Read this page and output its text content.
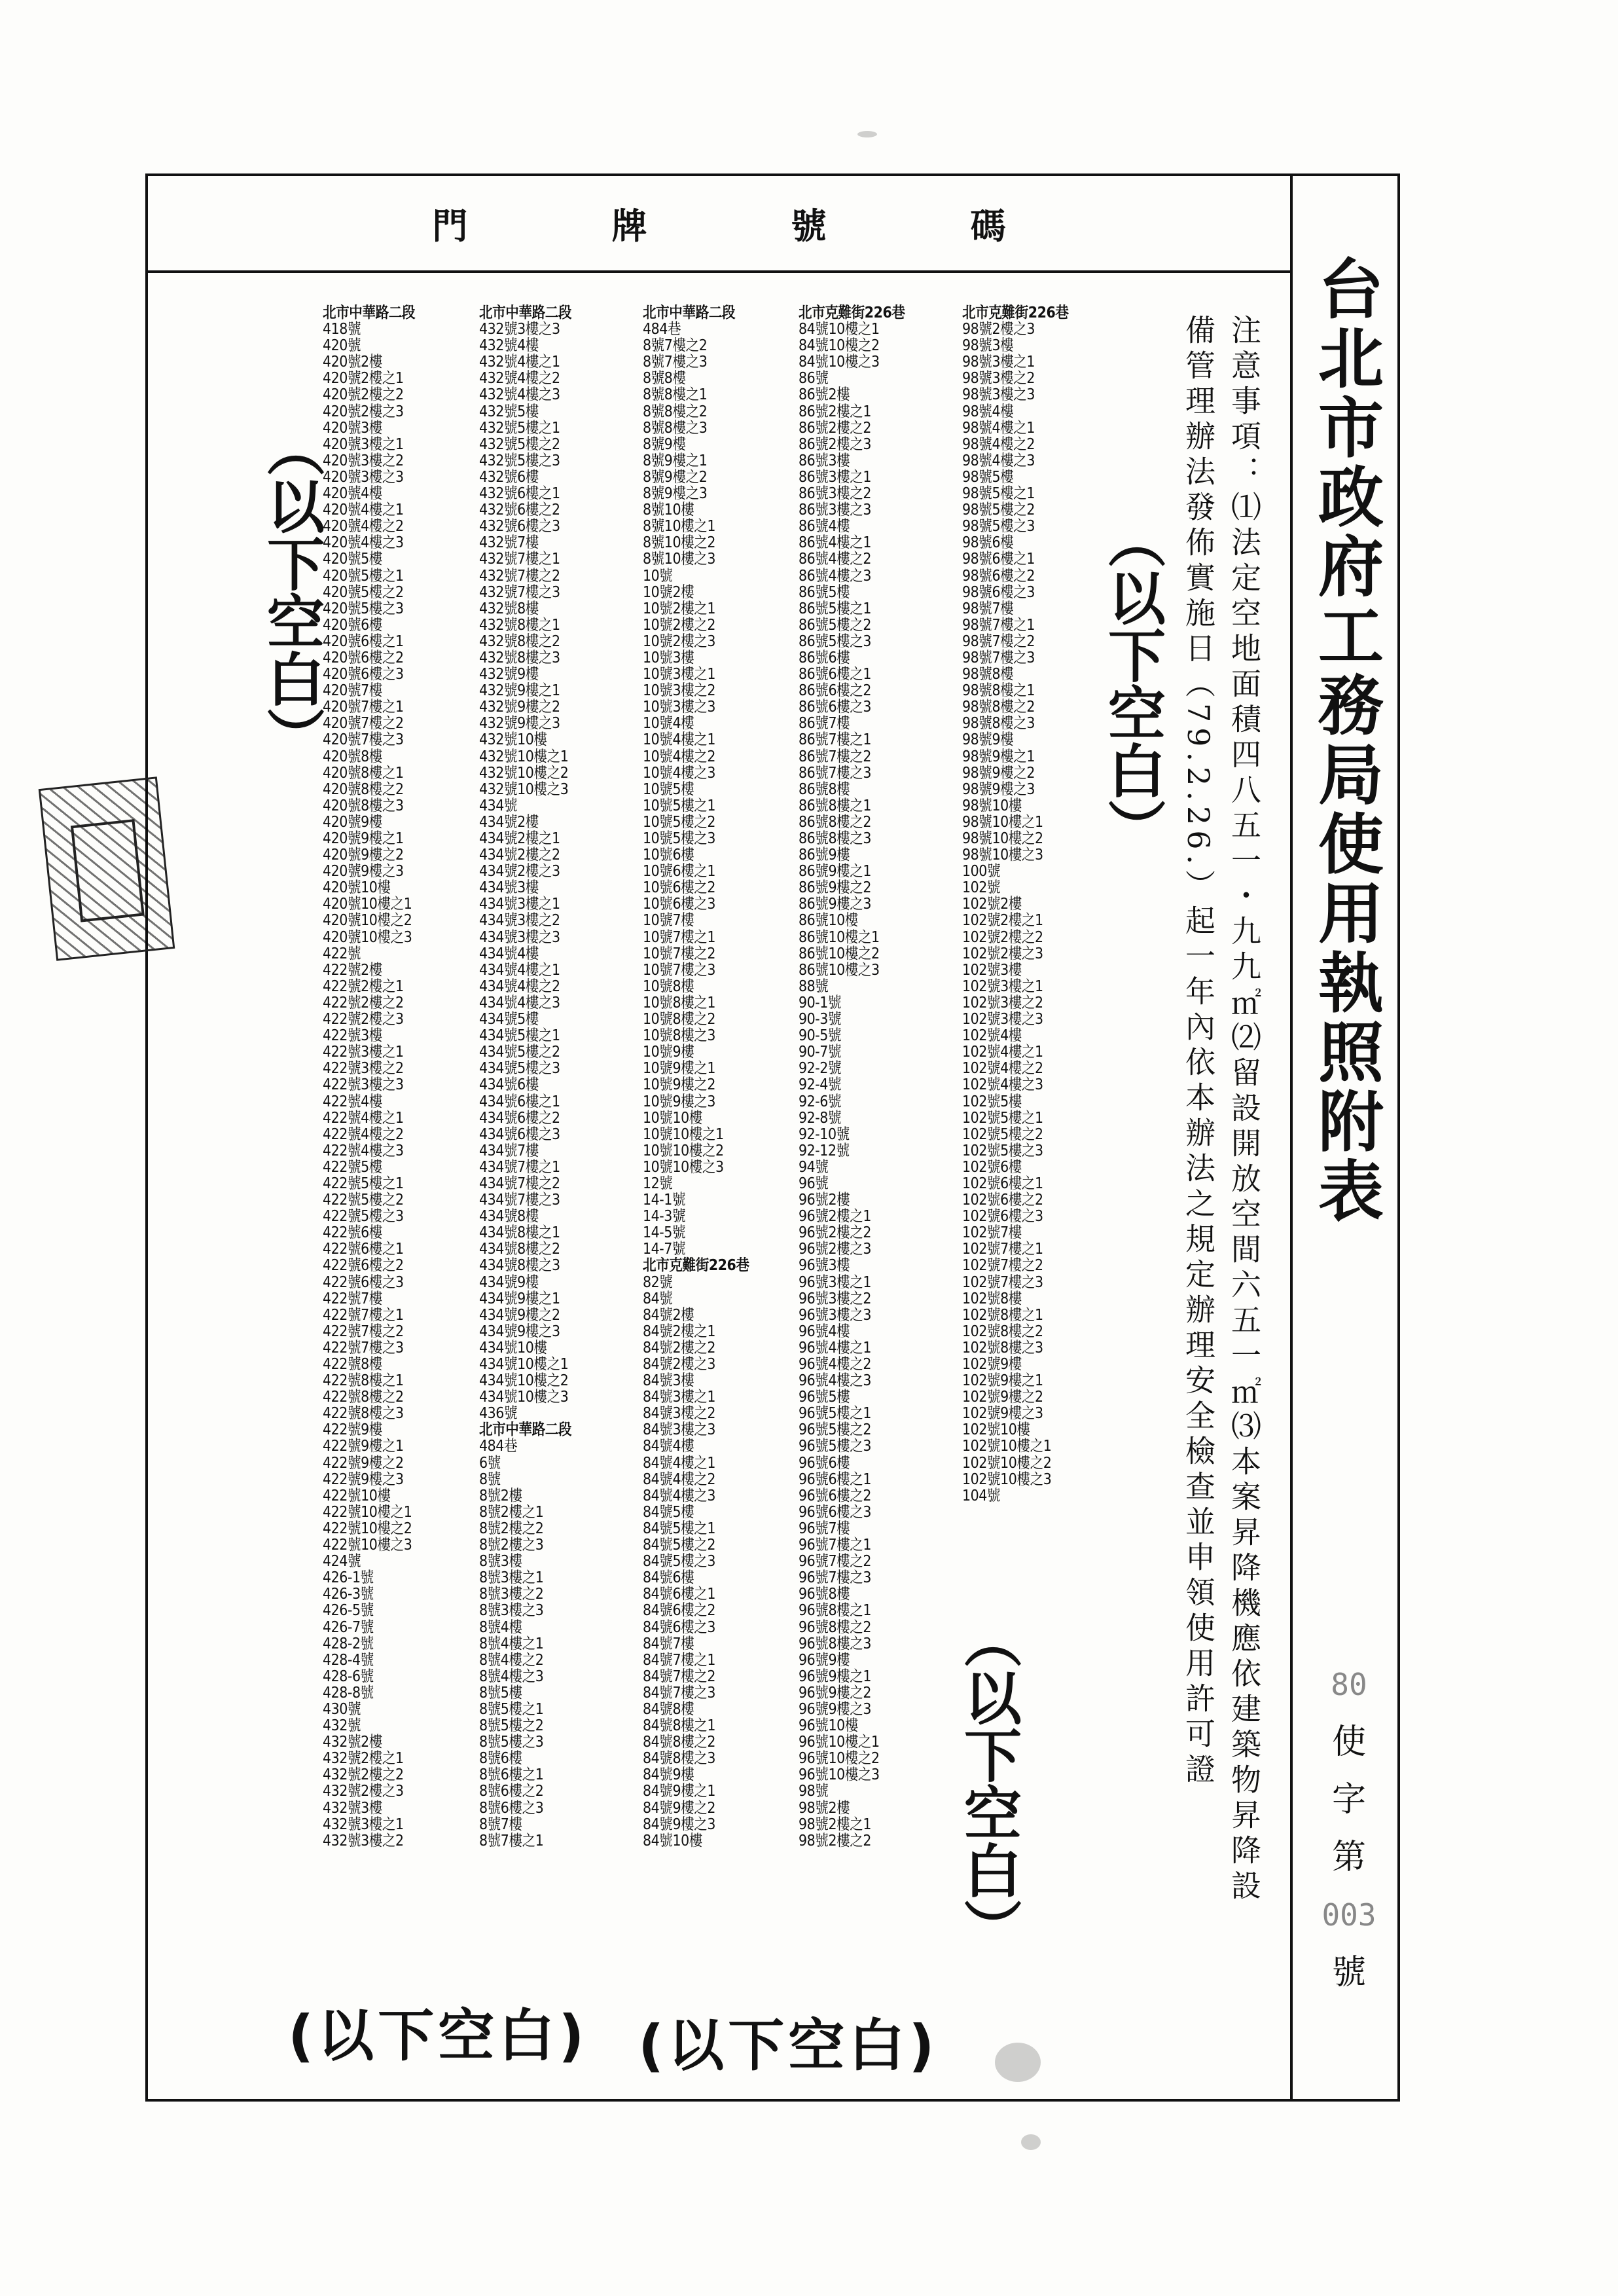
門	牌	號	碼
台北市政府工務局使用執照附表
80
使
字
第
003
號
注意事項：⑴法定空地面積四八五一・九九㎡⑵留設開放空間六五一㎡⑶本案昇降機應依建築物昇降設
備管理辦法發佈實施日（79.2.26.）起一年內依本辦法之規定辦理安全檢查並申領使用許可證
北市中華路二段
418號
420號
420號2樓
420號2樓之1
420號2樓之2
420號2樓之3
420號3樓
420號3樓之1
420號3樓之2
420號3樓之3
420號4樓
420號4樓之1
420號4樓之2
420號4樓之3
420號5樓
420號5樓之1
420號5樓之2
420號5樓之3
420號6樓
420號6樓之1
420號6樓之2
420號6樓之3
420號7樓
420號7樓之1
420號7樓之2
420號7樓之3
420號8樓
420號8樓之1
420號8樓之2
420號8樓之3
420號9樓
420號9樓之1
420號9樓之2
420號9樓之3
420號10樓
420號10樓之1
420號10樓之2
420號10樓之3
422號
422號2樓
422號2樓之1
422號2樓之2
422號2樓之3
422號3樓
422號3樓之1
422號3樓之2
422號3樓之3
422號4樓
422號4樓之1
422號4樓之2
422號4樓之3
422號5樓
422號5樓之1
422號5樓之2
422號5樓之3
422號6樓
422號6樓之1
422號6樓之2
422號6樓之3
422號7樓
422號7樓之1
422號7樓之2
422號7樓之3
422號8樓
422號8樓之1
422號8樓之2
422號8樓之3
422號9樓
422號9樓之1
422號9樓之2
422號9樓之3
422號10樓
422號10樓之1
422號10樓之2
422號10樓之3
424號
426-1號
426-3號
426-5號
426-7號
428-2號
428-4號
428-6號
428-8號
430號
432號
432號2樓
432號2樓之1
432號2樓之2
432號2樓之3
432號3樓
432號3樓之1
432號3樓之2
北市中華路二段
432號3樓之3
432號4樓
432號4樓之1
432號4樓之2
432號4樓之3
432號5樓
432號5樓之1
432號5樓之2
432號5樓之3
432號6樓
432號6樓之1
432號6樓之2
432號6樓之3
432號7樓
432號7樓之1
432號7樓之2
432號7樓之3
432號8樓
432號8樓之1
432號8樓之2
432號8樓之3
432號9樓
432號9樓之1
432號9樓之2
432號9樓之3
432號10樓
432號10樓之1
432號10樓之2
432號10樓之3
434號
434號2樓
434號2樓之1
434號2樓之2
434號2樓之3
434號3樓
434號3樓之1
434號3樓之2
434號3樓之3
434號4樓
434號4樓之1
434號4樓之2
434號4樓之3
434號5樓
434號5樓之1
434號5樓之2
434號5樓之3
434號6樓
434號6樓之1
434號6樓之2
434號6樓之3
434號7樓
434號7樓之1
434號7樓之2
434號7樓之3
434號8樓
434號8樓之1
434號8樓之2
434號8樓之3
434號9樓
434號9樓之1
434號9樓之2
434號9樓之3
434號10樓
434號10樓之1
434號10樓之2
434號10樓之3
436號
北市中華路二段
484巷
6號
8號
8號2樓
8號2樓之1
8號2樓之2
8號2樓之3
8號3樓
8號3樓之1
8號3樓之2
8號3樓之3
8號4樓
8號4樓之1
8號4樓之2
8號4樓之3
8號5樓
8號5樓之1
8號5樓之2
8號5樓之3
8號6樓
8號6樓之1
8號6樓之2
8號6樓之3
8號7樓
8號7樓之1
北市中華路二段
484巷
8號7樓之2
8號7樓之3
8號8樓
8號8樓之1
8號8樓之2
8號8樓之3
8號9樓
8號9樓之1
8號9樓之2
8號9樓之3
8號10樓
8號10樓之1
8號10樓之2
8號10樓之3
10號
10號2樓
10號2樓之1
10號2樓之2
10號2樓之3
10號3樓
10號3樓之1
10號3樓之2
10號3樓之3
10號4樓
10號4樓之1
10號4樓之2
10號4樓之3
10號5樓
10號5樓之1
10號5樓之2
10號5樓之3
10號6樓
10號6樓之1
10號6樓之2
10號6樓之3
10號7樓
10號7樓之1
10號7樓之2
10號7樓之3
10號8樓
10號8樓之1
10號8樓之2
10號8樓之3
10號9樓
10號9樓之1
10號9樓之2
10號9樓之3
10號10樓
10號10樓之1
10號10樓之2
10號10樓之3
12號
14-1號
14-3號
14-5號
14-7號
北市克難街226巷
82號
84號
84號2樓
84號2樓之1
84號2樓之2
84號2樓之3
84號3樓
84號3樓之1
84號3樓之2
84號3樓之3
84號4樓
84號4樓之1
84號4樓之2
84號4樓之3
84號5樓
84號5樓之1
84號5樓之2
84號5樓之3
84號6樓
84號6樓之1
84號6樓之2
84號6樓之3
84號7樓
84號7樓之1
84號7樓之2
84號7樓之3
84號8樓
84號8樓之1
84號8樓之2
84號8樓之3
84號9樓
84號9樓之1
84號9樓之2
84號9樓之3
84號10樓
北市克難街226巷
84號10樓之1
84號10樓之2
84號10樓之3
86號
86號2樓
86號2樓之1
86號2樓之2
86號2樓之3
86號3樓
86號3樓之1
86號3樓之2
86號3樓之3
86號4樓
86號4樓之1
86號4樓之2
86號4樓之3
86號5樓
86號5樓之1
86號5樓之2
86號5樓之3
86號6樓
86號6樓之1
86號6樓之2
86號6樓之3
86號7樓
86號7樓之1
86號7樓之2
86號7樓之3
86號8樓
86號8樓之1
86號8樓之2
86號8樓之3
86號9樓
86號9樓之1
86號9樓之2
86號9樓之3
86號10樓
86號10樓之1
86號10樓之2
86號10樓之3
88號
90-1號
90-3號
90-5號
90-7號
92-2號
92-4號
92-6號
92-8號
92-10號
92-12號
94號
96號
96號2樓
96號2樓之1
96號2樓之2
96號2樓之3
96號3樓
96號3樓之1
96號3樓之2
96號3樓之3
96號4樓
96號4樓之1
96號4樓之2
96號4樓之3
96號5樓
96號5樓之1
96號5樓之2
96號5樓之3
96號6樓
96號6樓之1
96號6樓之2
96號6樓之3
96號7樓
96號7樓之1
96號7樓之2
96號7樓之3
96號8樓
96號8樓之1
96號8樓之2
96號8樓之3
96號9樓
96號9樓之1
96號9樓之2
96號9樓之3
96號10樓
96號10樓之1
96號10樓之2
96號10樓之3
98號
98號2樓
98號2樓之1
98號2樓之2
北市克難街226巷
98號2樓之3
98號3樓
98號3樓之1
98號3樓之2
98號3樓之3
98號4樓
98號4樓之1
98號4樓之2
98號4樓之3
98號5樓
98號5樓之1
98號5樓之2
98號5樓之3
98號6樓
98號6樓之1
98號6樓之2
98號6樓之3
98號7樓
98號7樓之1
98號7樓之2
98號7樓之3
98號8樓
98號8樓之1
98號8樓之2
98號8樓之3
98號9樓
98號9樓之1
98號9樓之2
98號9樓之3
98號10樓
98號10樓之1
98號10樓之2
98號10樓之3
100號
102號
102號2樓
102號2樓之1
102號2樓之2
102號2樓之3
102號3樓
102號3樓之1
102號3樓之2
102號3樓之3
102號4樓
102號4樓之1
102號4樓之2
102號4樓之3
102號5樓
102號5樓之1
102號5樓之2
102號5樓之3
102號6樓
102號6樓之1
102號6樓之2
102號6樓之3
102號7樓
102號7樓之1
102號7樓之2
102號7樓之3
102號8樓
102號8樓之1
102號8樓之2
102號8樓之3
102號9樓
102號9樓之1
102號9樓之2
102號9樓之3
102號10樓
102號10樓之1
102號10樓之2
102號10樓之3
104號
︵以下空白︶	︵以下空白︶
︵以下空白︶
(以下空白) (以下空白)
